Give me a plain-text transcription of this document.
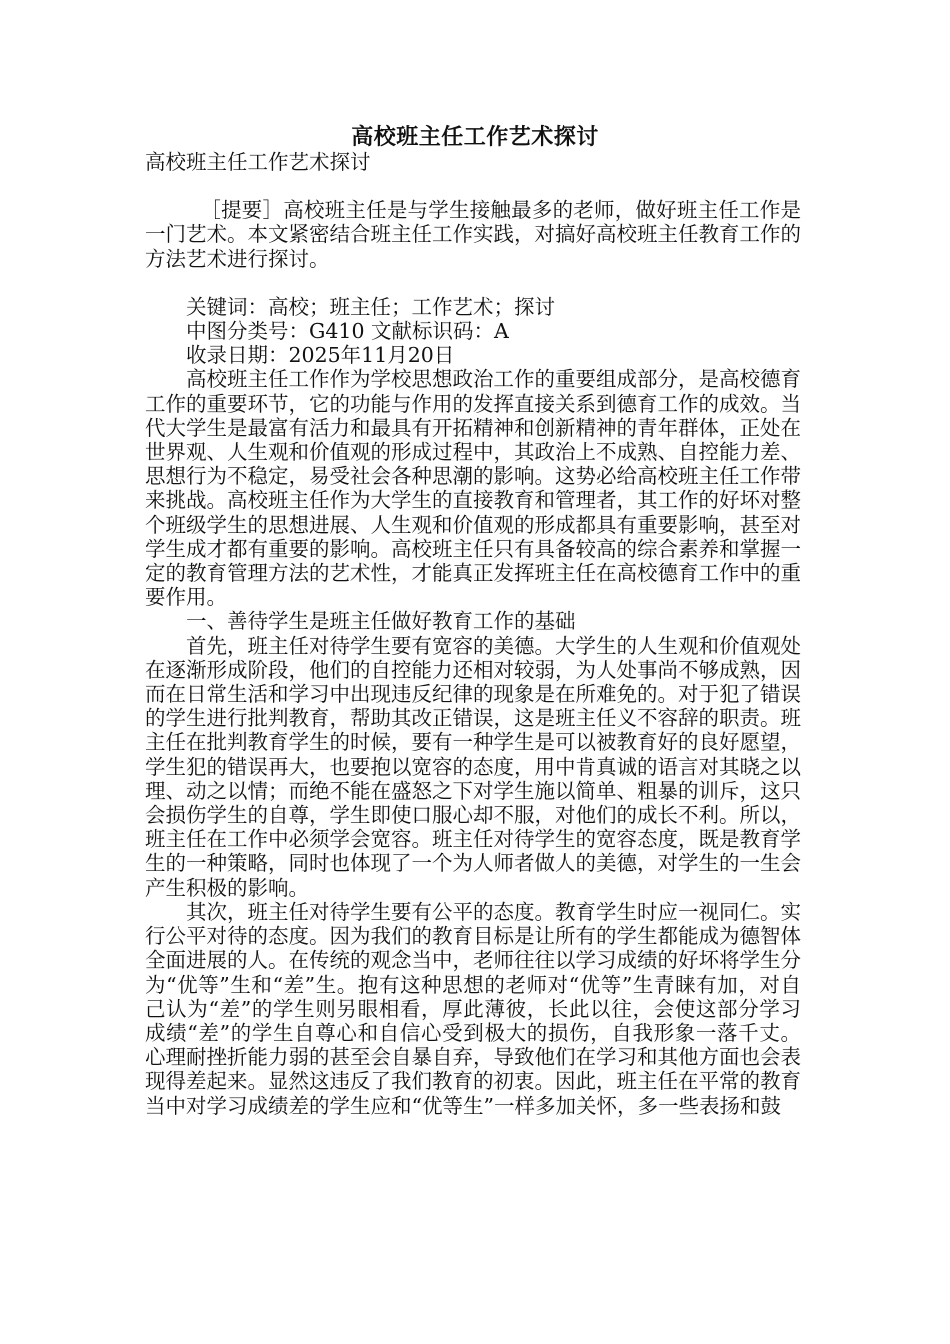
高校班主任工作艺术探讨

高校班主任工作艺术探讨

［提要］高校班主任是与学生接触最多的老师，做好班主任工作是一门艺术。本文紧密结合班主任工作实践，对搞好高校班主任教育工作的方法艺术进行探讨。

关键词：高校；班主任；工作艺术；探讨

中图分类号：G410 文献标识码：A

收录日期：2025年11月20日

高校班主任工作作为学校思想政治工作的重要组成部分，是高校德育工作的重要环节，它的功能与作用的发挥直接关系到德育工作的成效。当代大学生是最富有活力和最具有开拓精神和创新精神的青年群体，正处在世界观、人生观和价值观的形成过程中，其政治上不成熟、自控能力差、思想行为不稳定，易受社会各种思潮的影响。这势必给高校班主任工作带来挑战。高校班主任作为大学生的直接教育和管理者，其工作的好坏对整个班级学生的思想进展、人生观和价值观的形成都具有重要影响，甚至对学生成才都有重要的影响。高校班主任只有具备较高的综合素养和掌握一定的教育管理方法的艺术性，才能真正发挥班主任在高校德育工作中的重要作用。

一、善待学生是班主任做好教育工作的基础

首先，班主任对待学生要有宽容的美德。大学生的人生观和价值观处在逐渐形成阶段，他们的自控能力还相对较弱，为人处事尚不够成熟，因而在日常生活和学习中出现违反纪律的现象是在所难免的。对于犯了错误的学生进行批判教育，帮助其改正错误，这是班主任义不容辞的职责。班主任在批判教育学生的时候，要有一种学生是可以被教育好的良好愿望，学生犯的错误再大，也要抱以宽容的态度，用中肯真诚的语言对其晓之以理、动之以情；而绝不能在盛怒之下对学生施以简单、粗暴的训斥，这只会损伤学生的自尊，学生即使口服心却不服，对他们的成长不利。所以，班主任在工作中必须学会宽容。班主任对待学生的宽容态度，既是教育学生的一种策略，同时也体现了一个为人师者做人的美德，对学生的一生会产生积极的影响。

其次，班主任对待学生要有公平的态度。教育学生时应一视同仁。实行公平对待的态度。因为我们的教育目标是让所有的学生都能成为德智体全面进展的人。在传统的观念当中，老师往往以学习成绩的好坏将学生分为“优等”生和“差”生。抱有这种思想的老师对“优等”生青睐有加，对自己认为“差”的学生则另眼相看，厚此薄彼，长此以往，会使这部分学习成绩“差”的学生自尊心和自信心受到极大的损伤，自我形象一落千丈。心理耐挫折能力弱的甚至会自暴自弃，导致他们在学习和其他方面也会表现得差起来。显然这违反了我们教育的初衷。因此，班主任在平常的教育当中对学习成绩差的学生应和“优等生”一样多加关怀，多一些表扬和鼓
